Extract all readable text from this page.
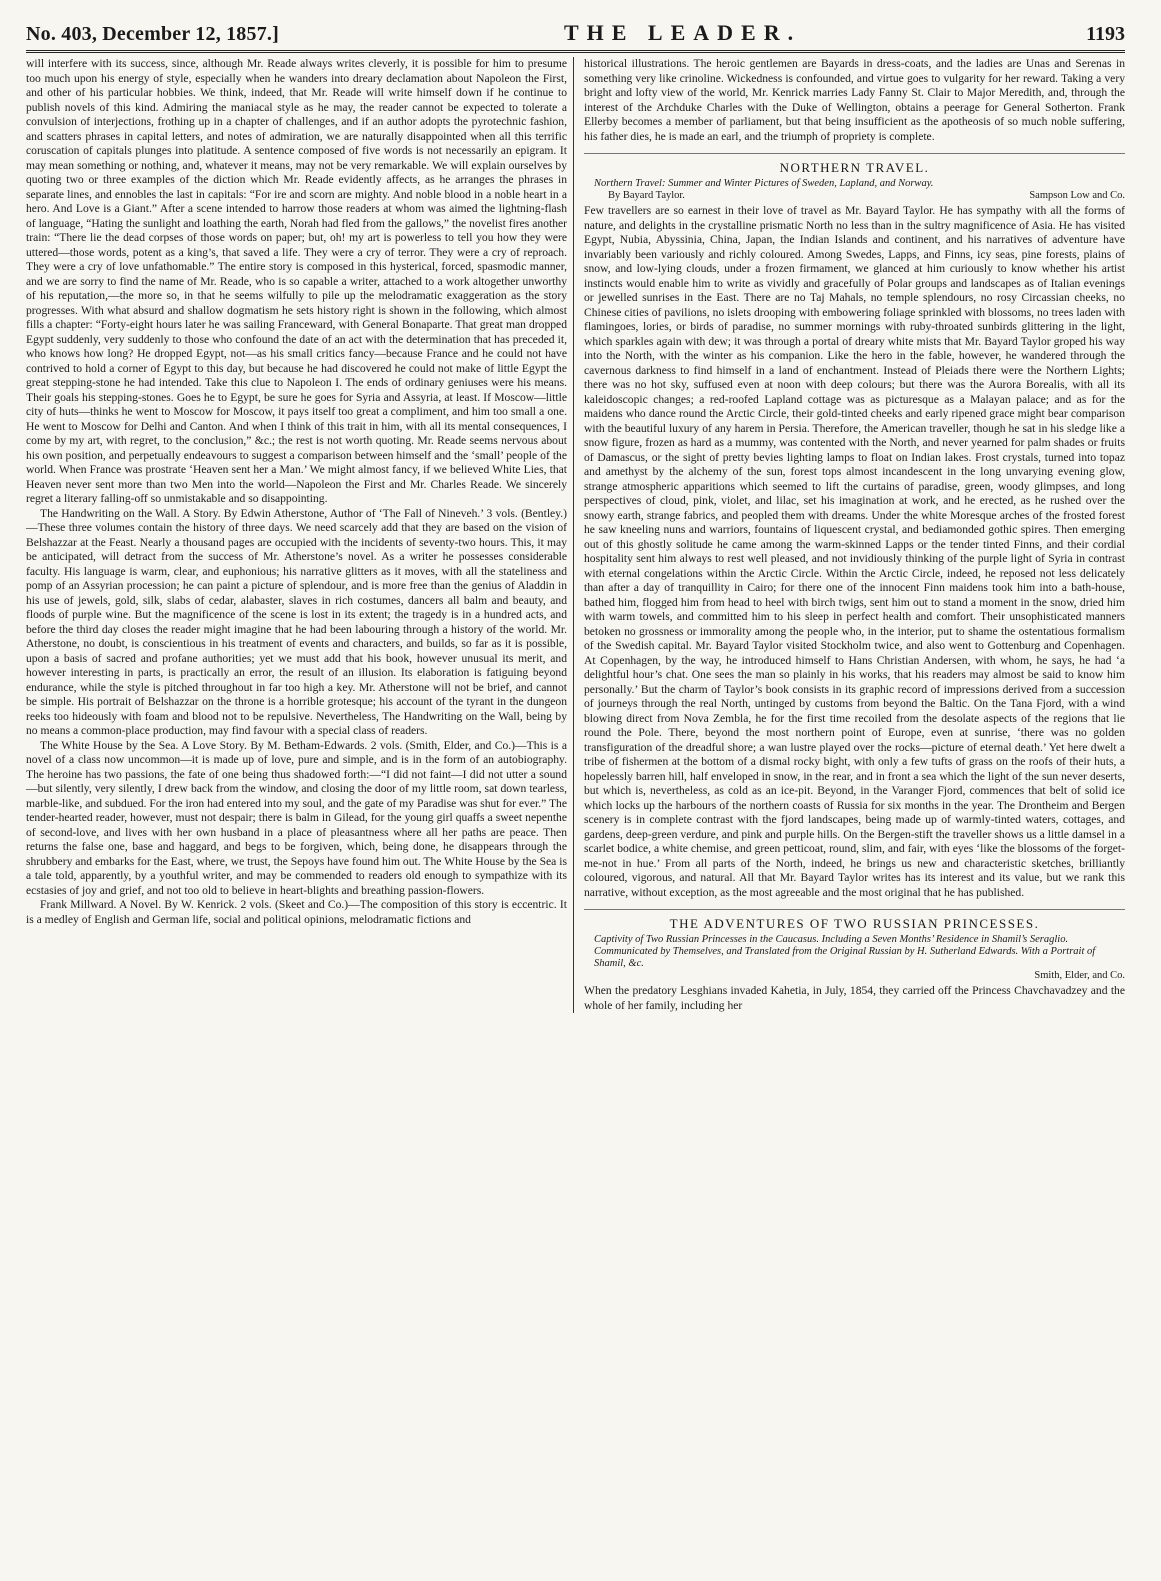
No. 403, December 12, 1857.]	THE LEADER.	1193

will interfere with its success, since, although Mr. Reade always writes cleverly, it is possible for him to presume too much upon his energy of style, especially when he wanders into dreary declamation about Napoleon the First, and other of his particular hobbies. We think, indeed, that Mr. Reade will write himself down if he continue to publish novels of this kind. Admiring the maniacal style as he may, the reader cannot be expected to tolerate a convulsion of interjections, frothing up in a chapter of challenges, and if an author adopts the pyrotechnic fashion, and scatters phrases in capital letters, and notes of admiration, we are naturally disappointed when all this terrific coruscation of capitals plunges into platitude. A sentence composed of five words is not necessarily an epigram. It may mean something or nothing, and, whatever it means, may not be very remarkable. We will explain ourselves by quoting two or three examples of the diction which Mr. Reade evidently affects, as he arranges the phrases in separate lines, and ennobles the last in capitals: “For ire and scorn are mighty. And noble blood in a noble heart in a hero. And Love is a Giant.” After a scene intended to harrow those readers at whom was aimed the lightning-flash of language, “Hating the sunlight and loathing the earth, Norah had fled from the gallows,” the novelist fires another train: “There lie the dead corpses of those words on paper; but, oh! my art is powerless to tell you how they were uttered—those words, potent as a king’s, that saved a life. They were a cry of terror. They were a cry of reproach. They were a cry of love unfathomable.” The entire story is composed in this hysterical, forced, spasmodic manner, and we are sorry to find the name of Mr. Reade, who is so capable a writer, attached to a work altogether unworthy of his reputation,—the more so, in that he seems wilfully to pile up the melodramatic exaggeration as the story progresses. With what absurd and shallow dogmatism he sets history right is shown in the following, which almost fills a chapter: “Forty-eight hours later he was sailing Franceward, with General Bonaparte. That great man dropped Egypt suddenly, very suddenly to those who confound the date of an act with the determination that has preceded it, who knows how long? He dropped Egypt, not—as his small critics fancy—because France and he could not have contrived to hold a corner of Egypt to this day, but because he had discovered he could not make of little Egypt the great stepping-stone he had intended. Take this clue to Napoleon I. The ends of ordinary geniuses were his means. Their goals his stepping-stones. Goes he to Egypt, be sure he goes for Syria and Assyria, at least. If Moscow—little city of huts—thinks he went to Moscow for Moscow, it pays itself too great a compliment, and him too small a one. He went to Moscow for Delhi and Canton. And when I think of this trait in him, with all its mental consequences, I come by my art, with regret, to the conclusion,” &c.; the rest is not worth quoting. Mr. Reade seems nervous about his own position, and perpetually endeavours to suggest a comparison between himself and the ‘small’ people of the world. When France was prostrate ‘Heaven sent her a Man.’ We might almost fancy, if we believed White Lies, that Heaven never sent more than two Men into the world—Napoleon the First and Mr. Charles Reade. We sincerely regret a literary falling-off so unmistakable and so disappointing.

The Handwriting on the Wall. A Story. By Edwin Atherstone, Author of ‘The Fall of Nineveh.’ 3 vols. (Bentley.)—These three volumes contain the history of three days. We need scarcely add that they are based on the vision of Belshazzar at the Feast. Nearly a thousand pages are occupied with the incidents of seventy-two hours. This, it may be anticipated, will detract from the success of Mr. Atherstone’s novel. As a writer he possesses considerable faculty. His language is warm, clear, and euphonious; his narrative glitters as it moves, with all the stateliness and pomp of an Assyrian procession; he can paint a picture of splendour, and is more free than the genius of Aladdin in his use of jewels, gold, silk, slabs of cedar, alabaster, slaves in rich costumes, dancers all balm and beauty, and floods of purple wine. But the magnificence of the scene is lost in its extent; the tragedy is in a hundred acts, and before the third day closes the reader might imagine that he had been labouring through a history of the world. Mr. Atherstone, no doubt, is conscientious in his treatment of events and characters, and builds, so far as it is possible, upon a basis of sacred and profane authorities; yet we must add that his book, however unusual its merit, and however interesting in parts, is practically an error, the result of an illusion. Its elaboration is fatiguing beyond endurance, while the style is pitched throughout in far too high a key. Mr. Atherstone will not be brief, and cannot be simple. His portrait of Belshazzar on the throne is a horrible grotesque; his account of the tyrant in the dungeon reeks too hideously with foam and blood not to be repulsive. Nevertheless, The Handwriting on the Wall, being by no means a common-place production, may find favour with a special class of readers.

The White House by the Sea. A Love Story. By M. Betham-Edwards. 2 vols. (Smith, Elder, and Co.)—This is a novel of a class now uncommon—it is made up of love, pure and simple, and is in the form of an autobiography. The heroine has two passions, the fate of one being thus shadowed forth:—“I did not faint—I did not utter a sound—but silently, very silently, I drew back from the window, and closing the door of my little room, sat down tearless, marble-like, and subdued. For the iron had entered into my soul, and the gate of my Paradise was shut for ever.” The tender-hearted reader, however, must not despair; there is balm in Gilead, for the young girl quaffs a sweet nepenthe of second-love, and lives with her own husband in a place of pleasantness where all her paths are peace. Then returns the false one, base and haggard, and begs to be forgiven, which, being done, he disappears through the shrubbery and embarks for the East, where, we trust, the Sepoys have found him out. The White House by the Sea is a tale told, apparently, by a youthful writer, and may be commended to readers old enough to sympathize with its ecstasies of joy and grief, and not too old to believe in heart-blights and breathing passion-flowers.

Frank Millward. A Novel. By W. Kenrick. 2 vols. (Skeet and Co.)—The composition of this story is eccentric. It is a medley of English and German life, social and political opinions, melodramatic fictions and

historical illustrations. The heroic gentlemen are Bayards in dress-coats, and the ladies are Unas and Serenas in something very like crinoline. Wickedness is confounded, and virtue goes to vulgarity for her reward. Taking a very bright and lofty view of the world, Mr. Kenrick marries Lady Fanny St. Clair to Major Meredith, and, through the interest of the Archduke Charles with the Duke of Wellington, obtains a peerage for General Sotherton. Frank Ellerby becomes a member of parliament, but that being insufficient as the apotheosis of so much noble suffering, his father dies, he is made an earl, and the triumph of propriety is complete.

NORTHERN TRAVEL.
Northern Travel: Summer and Winter Pictures of Sweden, Lapland, and Norway.
By Bayard Taylor.	Sampson Low and Co.

Few travellers are so earnest in their love of travel as Mr. Bayard Taylor. He has sympathy with all the forms of nature, and delights in the crystalline prismatic North no less than in the sultry magnificence of Asia. He has visited Egypt, Nubia, Abyssinia, China, Japan, the Indian Islands and continent, and his narratives of adventure have invariably been variously and richly coloured. Among Swedes, Lapps, and Finns, icy seas, pine forests, plains of snow, and low-lying clouds, under a frozen firmament, we glanced at him curiously to know whether his artist instincts would enable him to write as vividly and gracefully of Polar groups and landscapes as of Italian evenings or jewelled sunrises in the East. There are no Taj Mahals, no temple splendours, no rosy Circassian cheeks, no Chinese cities of pavilions, no islets drooping with embowering foliage sprinkled with blossoms, no trees laden with flamingoes, lories, or birds of paradise, no summer mornings with ruby-throated sunbirds glittering in the light, which sparkles again with dew; it was through a portal of dreary white mists that Mr. Bayard Taylor groped his way into the North, with the winter as his companion. Like the hero in the fable, however, he wandered through the cavernous darkness to find himself in a land of enchantment. Instead of Pleiads there were the Northern Lights; there was no hot sky, suffused even at noon with deep colours; but there was the Aurora Borealis, with all its kaleidoscopic changes; a red-roofed Lapland cottage was as picturesque as a Malayan palace; and as for the maidens who dance round the Arctic Circle, their gold-tinted cheeks and early ripened grace might bear comparison with the beautiful luxury of any harem in Persia. Therefore, the American traveller, though he sat in his sledge like a snow figure, frozen as hard as a mummy, was contented with the North, and never yearned for palm shades or fruits of Damascus, or the sight of pretty bevies lighting lamps to float on Indian lakes. Frost crystals, turned into topaz and amethyst by the alchemy of the sun, forest tops almost incandescent in the long unvarying evening glow, strange atmospheric apparitions which seemed to lift the curtains of paradise, green, woody glimpses, and long perspectives of cloud, pink, violet, and lilac, set his imagination at work, and he erected, as he rushed over the snowy earth, strange fabrics, and peopled them with dreams. Under the white Moresque arches of the frosted forest he saw kneeling nuns and warriors, fountains of liquescent crystal, and bediamonded gothic spires. Then emerging out of this ghostly solitude he came among the warm-skinned Lapps or the tender tinted Finns, and their cordial hospitality sent him always to rest well pleased, and not invidiously thinking of the purple light of Syria in contrast with eternal congelations within the Arctic Circle. Within the Arctic Circle, indeed, he reposed not less delicately than after a day of tranquillity in Cairo; for there one of the innocent Finn maidens took him into a bath-house, bathed him, flogged him from head to heel with birch twigs, sent him out to stand a moment in the snow, dried him with warm towels, and committed him to his sleep in perfect health and comfort. Their unsophisticated manners betoken no grossness or immorality among the people who, in the interior, put to shame the ostentatious formalism of the Swedish capital. Mr. Bayard Taylor visited Stockholm twice, and also went to Gottenburg and Copenhagen. At Copenhagen, by the way, he introduced himself to Hans Christian Andersen, with whom, he says, he had ‘a delightful hour’s chat. One sees the man so plainly in his works, that his readers may almost be said to know him personally.’ But the charm of Taylor’s book consists in its graphic record of impressions derived from a succession of journeys through the real North, untinged by customs from beyond the Baltic. On the Tana Fjord, with a wind blowing direct from Nova Zembla, he for the first time recoiled from the desolate aspects of the regions that lie round the Pole. There, beyond the most northern point of Europe, even at sunrise, ‘there was no golden transfiguration of the dreadful shore; a wan lustre played over the rocks—picture of eternal death.’ Yet here dwelt a tribe of fishermen at the bottom of a dismal rocky bight, with only a few tufts of grass on the roofs of their huts, a hopelessly barren hill, half enveloped in snow, in the rear, and in front a sea which the light of the sun never deserts, but which is, nevertheless, as cold as an ice-pit. Beyond, in the Varanger Fjord, commences that belt of solid ice which locks up the harbours of the northern coasts of Russia for six months in the year. The Drontheim and Bergen scenery is in complete contrast with the fjord landscapes, being made up of warmly-tinted waters, cottages, and gardens, deep-green verdure, and pink and purple hills. On the Bergen-stift the traveller shows us a little damsel in a scarlet bodice, a white chemise, and green petticoat, round, slim, and fair, with eyes ‘like the blossoms of the forget-me-not in hue.’ From all parts of the North, indeed, he brings us new and characteristic sketches, brilliantly coloured, vigorous, and natural. All that Mr. Bayard Taylor writes has its interest and its value, but we rank this narrative, without exception, as the most agreeable and the most original that he has published.

THE ADVENTURES OF TWO RUSSIAN PRINCESSES.
Captivity of Two Russian Princesses in the Caucasus. Including a Seven Months’ Residence in Shamil’s Seraglio. Communicated by Themselves, and Translated from the Original Russian by H. Sutherland Edwards. With a Portrait of Shamil, &c.
Smith, Elder, and Co.

When the predatory Lesghians invaded Kahetia, in July, 1854, they carried off the Princess Chavchavadzey and the whole of her family, including her
